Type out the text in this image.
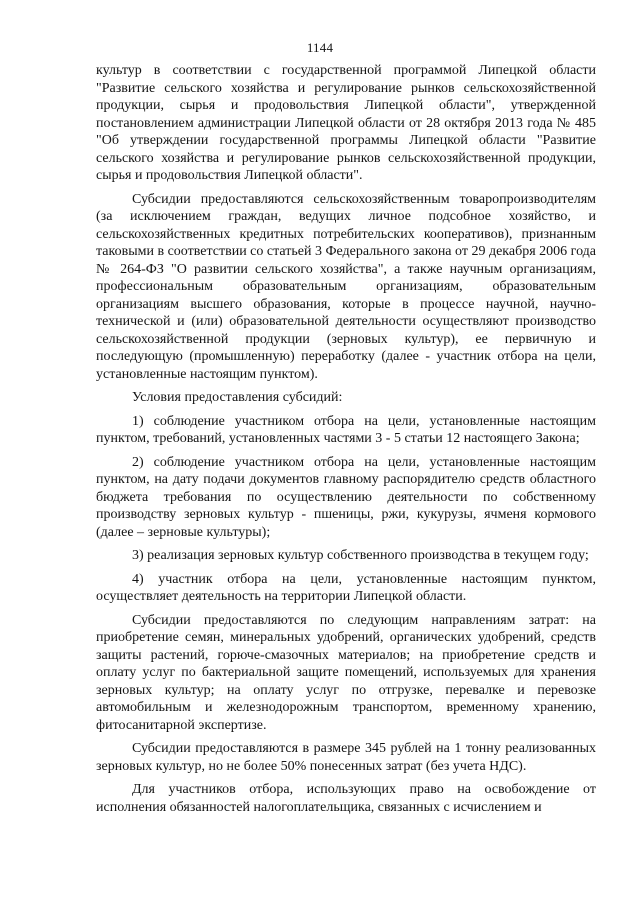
1144

культур в соответствии с государственной программой Липецкой области "Развитие сельского хозяйства и регулирование рынков сельскохозяйственной продукции, сырья и продовольствия Липецкой области", утвержденной постановлением администрации Липецкой области от 28 октября 2013 года № 485 "Об утверждении государственной программы Липецкой области "Развитие сельского хозяйства и регулирование рынков сельскохозяйственной продукции, сырья и продовольствия Липецкой области".

Субсидии предоставляются сельскохозяйственным товаропроизводителям (за исключением граждан, ведущих личное подсобное хозяйство, и сельскохозяйственных кредитных потребительских кооперативов), признанным таковыми в соответствии со статьей 3 Федерального закона от 29 декабря 2006 года № 264-ФЗ "О развитии сельского хозяйства", а также научным организациям, профессиональным образовательным организациям, образовательным организациям высшего образования, которые в процессе научной, научно-технической и (или) образовательной деятельности осуществляют производство сельскохозяйственной продукции (зерновых культур), ее первичную и последующую (промышленную) переработку (далее - участник отбора на цели, установленные настоящим пунктом).

Условия предоставления субсидий:

1) соблюдение участником отбора на цели, установленные настоящим пунктом, требований, установленных частями 3 - 5 статьи 12 настоящего Закона;

2) соблюдение участником отбора на цели, установленные настоящим пунктом, на дату подачи документов главному распорядителю средств областного бюджета требования по осуществлению деятельности по собственному производству зерновых культур - пшеницы, ржи, кукурузы, ячменя кормового (далее – зерновые культуры);

3) реализация зерновых культур собственного производства в текущем году;

4) участник отбора на цели, установленные настоящим пунктом, осуществляет деятельность на территории Липецкой области.

Субсидии предоставляются по следующим направлениям затрат: на приобретение семян, минеральных удобрений, органических удобрений, средств защиты растений, горюче-смазочных материалов; на приобретение средств и оплату услуг по бактериальной защите помещений, используемых для хранения зерновых культур; на оплату услуг по отгрузке, перевалке и перевозке автомобильным и железнодорожным транспортом, временному хранению, фитосанитарной экспертизе.

Субсидии предоставляются в размере 345 рублей на 1 тонну реализованных зерновых культур, но не более 50% понесенных затрат (без учета НДС).

Для участников отбора, использующих право на освобождение от исполнения обязанностей налогоплательщика, связанных с исчислением и
